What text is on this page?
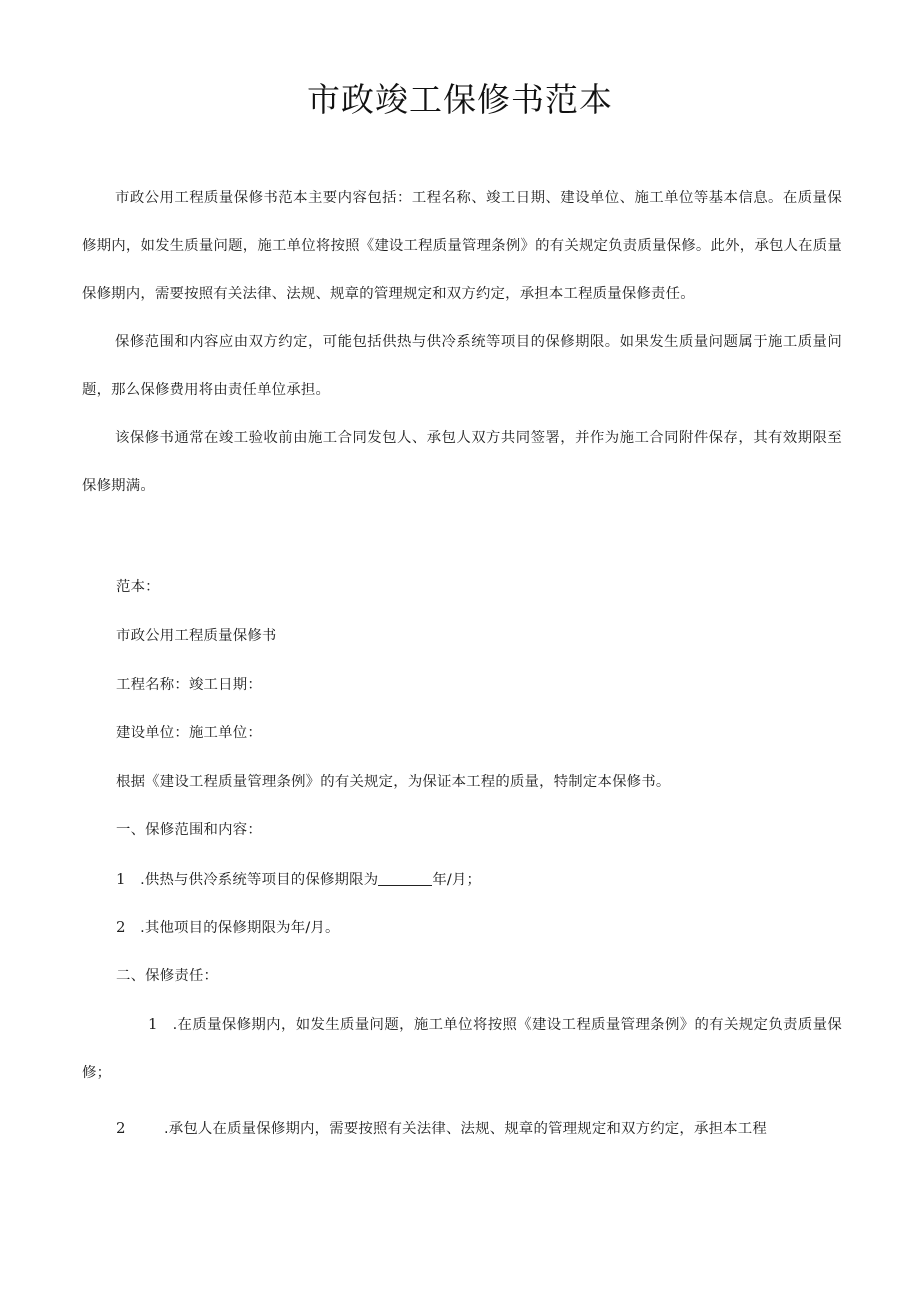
市政竣工保修书范本

市政公用工程质量保修书范本主要内容包括：工程名称、竣工日期、建设单位、施工单位等基本信息。在质量保修期内，如发生质量问题，施工单位将按照《建设工程质量管理条例》的有关规定负责质量保修。此外，承包人在质量保修期内，需要按照有关法律、法规、规章的管理规定和双方约定，承担本工程质量保修责任。

保修范围和内容应由双方约定，可能包括供热与供冷系统等项目的保修期限。如果发生质量问题属于施工质量问题，那么保修费用将由责任单位承担。

该保修书通常在竣工验收前由施工合同发包人、承包人双方共同签署，并作为施工合同附件保存，其有效期限至保修期满。

范本：

市政公用工程质量保修书

工程名称：竣工日期：

建设单位：施工单位：

根据《建设工程质量管理条例》的有关规定，为保证本工程的质量，特制定本保修书。

一、保修范围和内容：

1 .供热与供冷系统等项目的保修期限为	年/月；

2 .其他项目的保修期限为年/月。

二、保修责任：

1 .在质量保修期内，如发生质量问题，施工单位将按照《建设工程质量管理条例》的有关规定负责质量保修；

2	.承包人在质量保修期内，需要按照有关法律、法规、规章的管理规定和双方约定，承担本工程
